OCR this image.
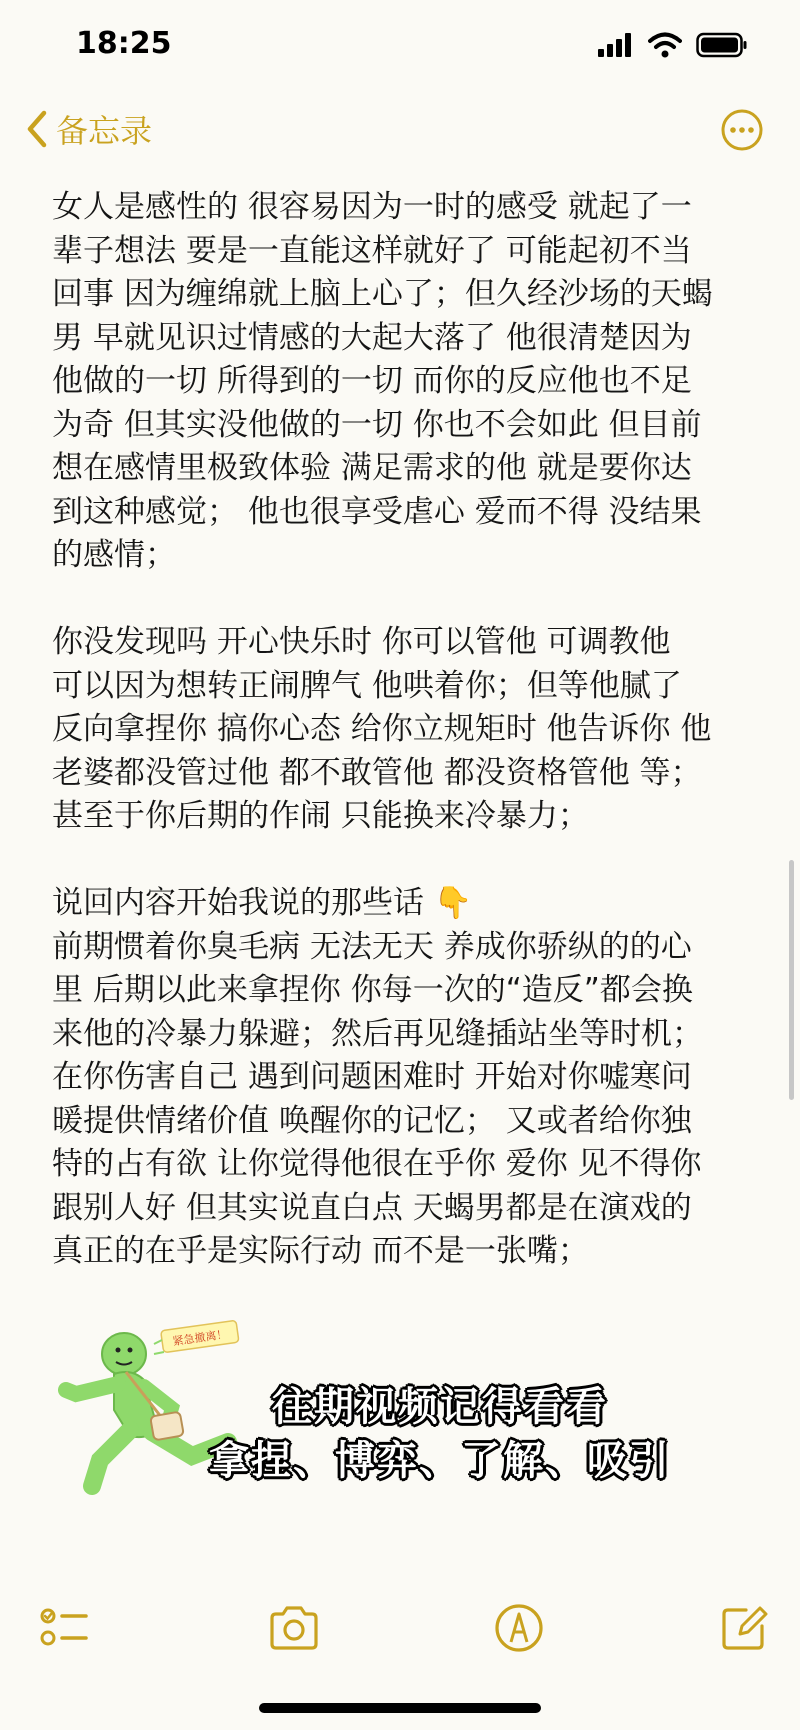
18:25
备忘录

女人是感性的 很容易因为一时的感受 就起了一
辈子想法 要是一直能这样就好了 可能起初不当
回事 因为缠绵就上脑上心了；但久经沙场的天蝎
男 早就见识过情感的大起大落了 他很清楚因为
他做的一切 所得到的一切 而你的反应他也不足
为奇 但其实没他做的一切 你也不会如此 但目前
想在感情里极致体验 满足需求的他 就是要你达
到这种感觉； 他也很享受虐心 爱而不得 没结果
的感情；

你没发现吗 开心快乐时 你可以管他 可调教他
可以因为想转正闹脾气 他哄着你；但等他腻了
反向拿捏你 搞你心态 给你立规矩时 他告诉你 他
老婆都没管过他 都不敢管他 都没资格管他 等；
甚至于你后期的作闹 只能换来冷暴力；

说回内容开始我说的那些话 👇
前期惯着你臭毛病 无法无天 养成你骄纵的的心
里 后期以此来拿捏你 你每一次的“造反”都会换
来他的冷暴力躲避；然后再见缝插站坐等时机；
在你伤害自己 遇到问题困难时 开始对你嘘寒问
暖提供情绪价值 唤醒你的记忆； 又或者给你独
特的占有欲 让你觉得他很在乎你 爱你 见不得你
跟别人好 但其实说直白点 天蝎男都是在演戏的
真正的在乎是实际行动 而不是一张嘴；

紧急撤离！
往期视频记得看看
拿捏、博弈、了解、吸引
